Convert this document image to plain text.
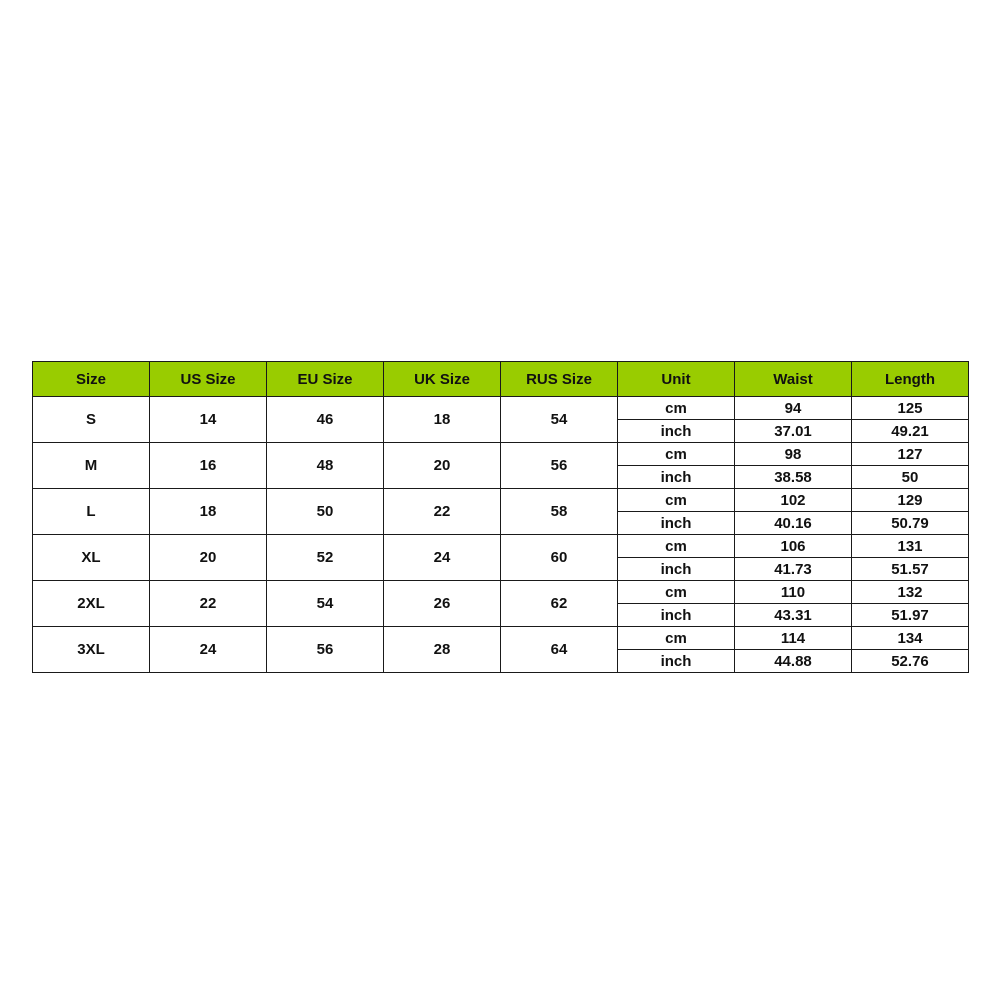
Size	US Size	EU Size	UK Size	RUS Size	Unit	Waist	Length
S	14	46	18	54	cm	94	125
					inch	37.01	49.21
M	16	48	20	56	cm	98	127
					inch	38.58	50
L	18	50	22	58	cm	102	129
					inch	40.16	50.79
XL	20	52	24	60	cm	106	131
					inch	41.73	51.57
2XL	22	54	26	62	cm	110	132
					inch	43.31	51.97
3XL	24	56	28	64	cm	114	134
					inch	44.88	52.76
